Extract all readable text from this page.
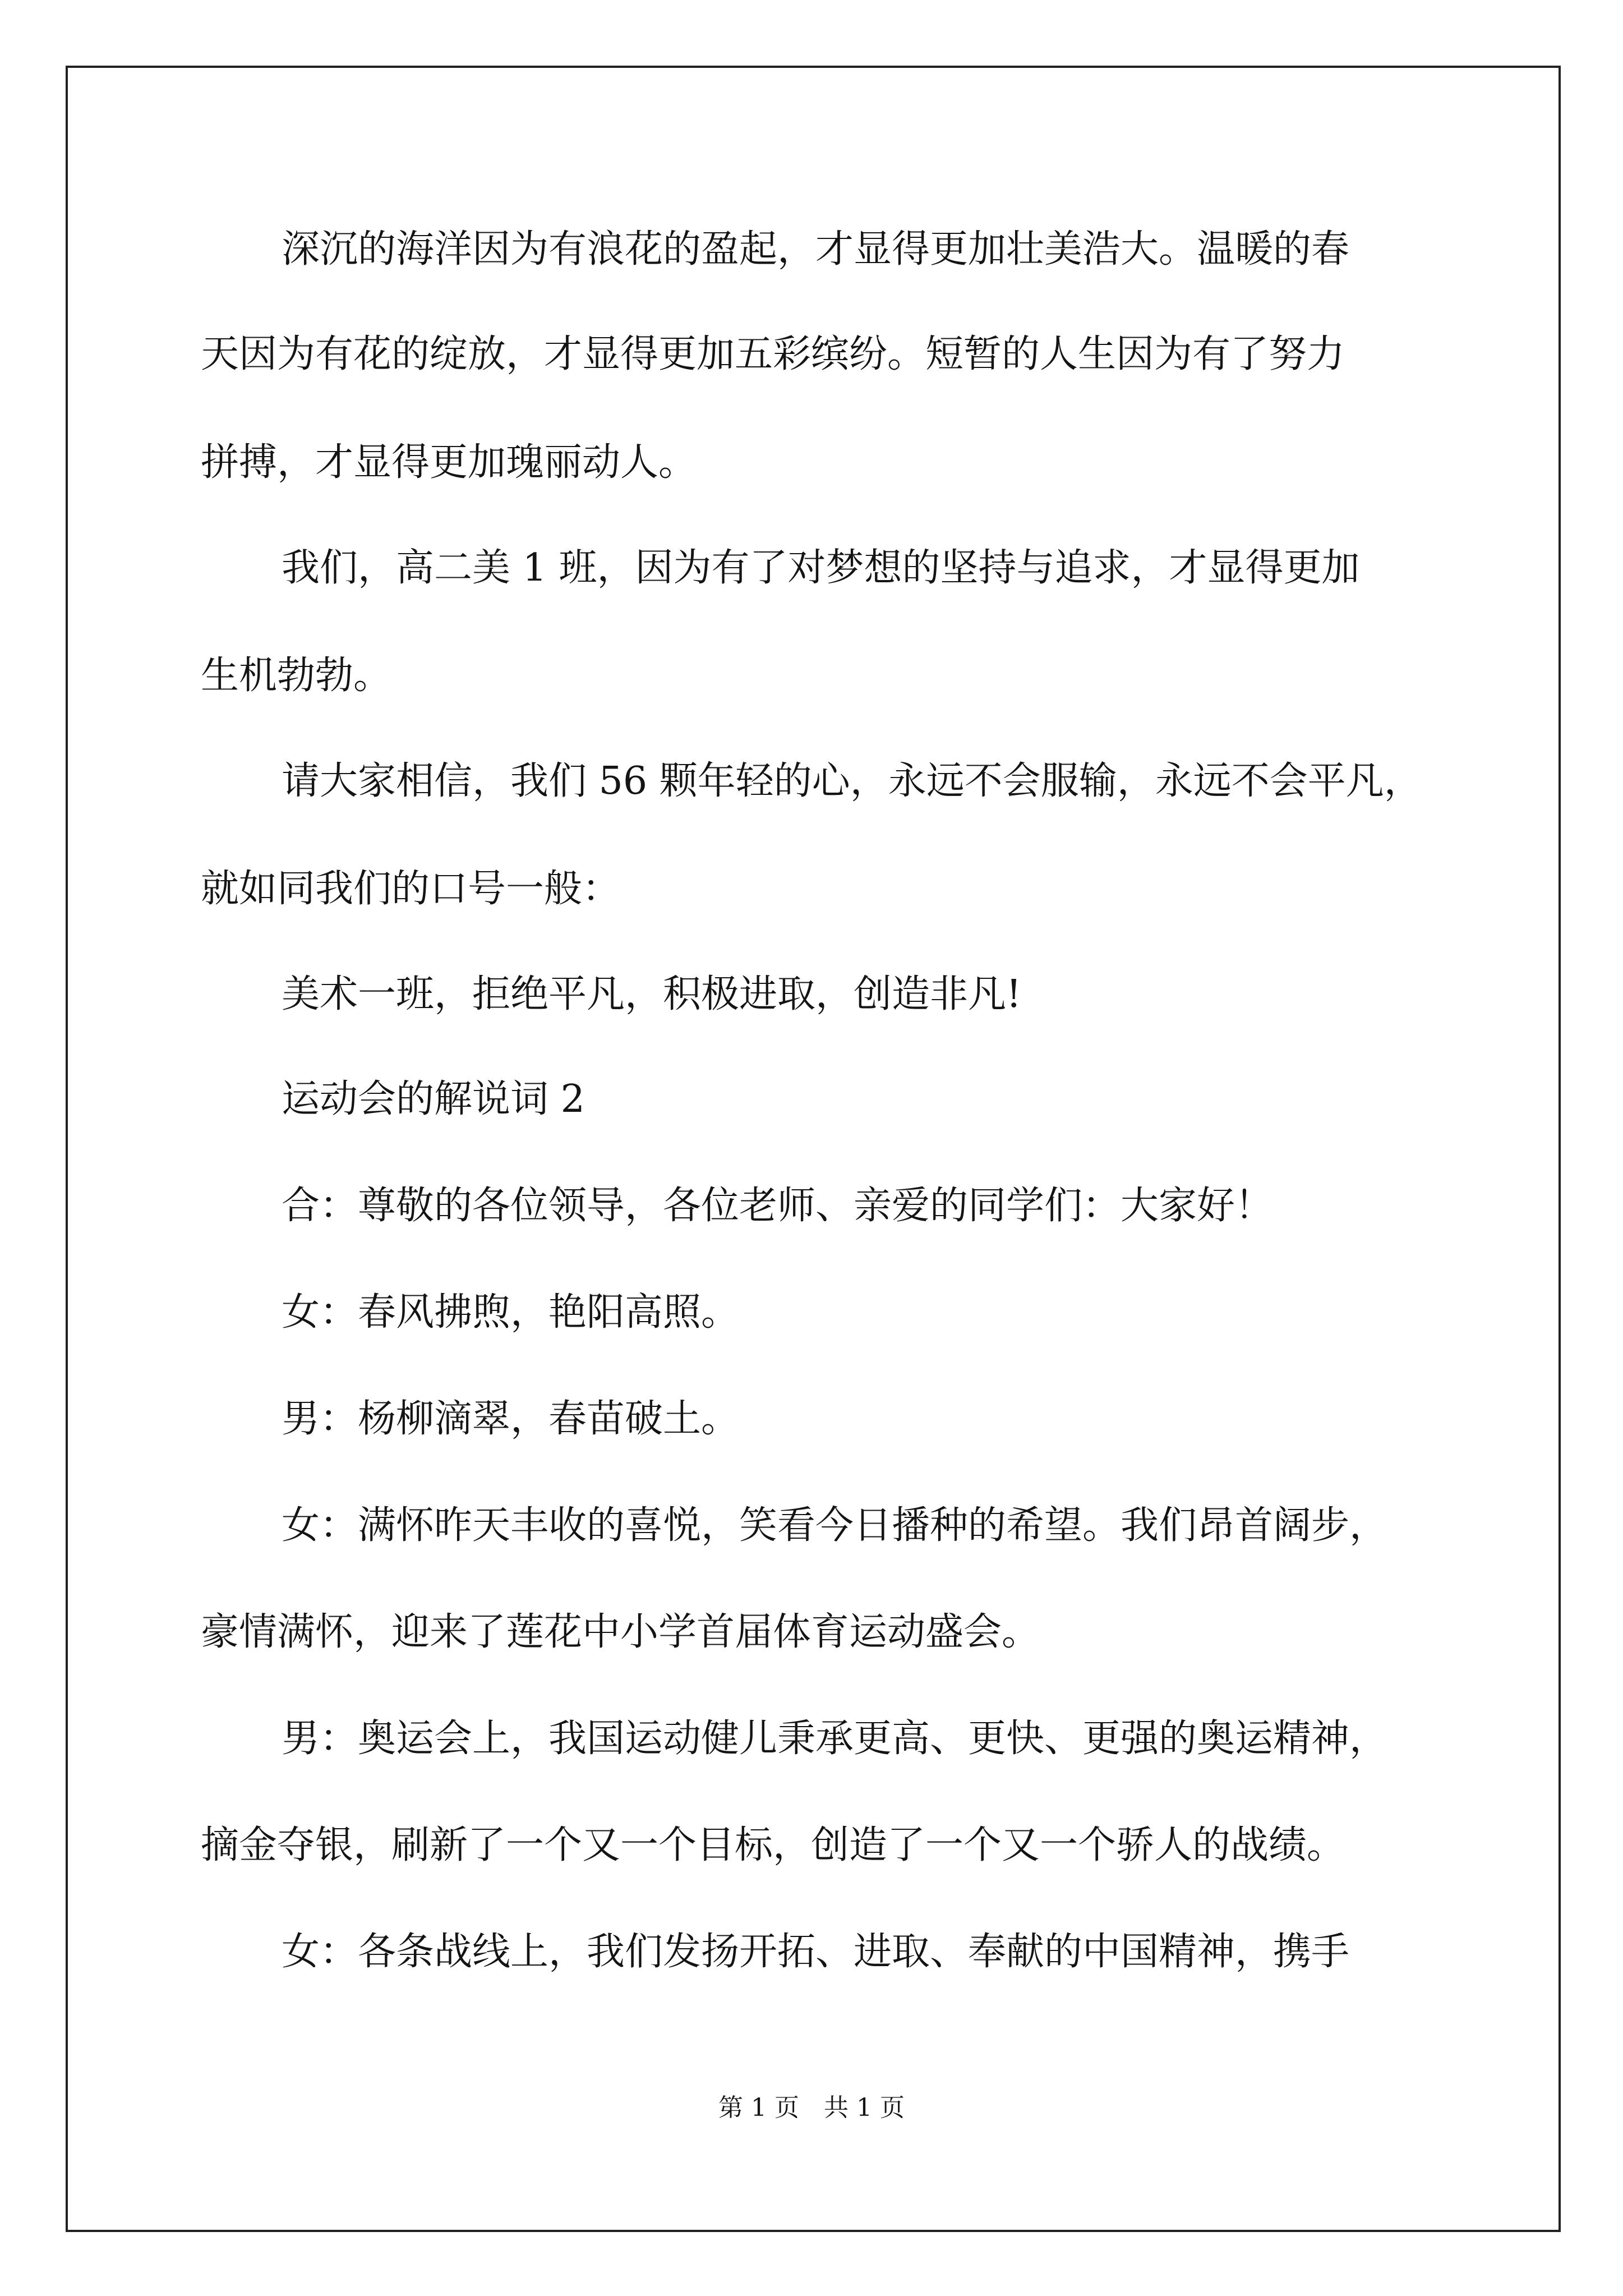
深沉的海洋因为有浪花的盈起，才显得更加壮美浩大。温暖的春

天因为有花的绽放，才显得更加五彩缤纷。短暂的人生因为有了努力

拼搏，才显得更加瑰丽动人。

我们，高二美 1 班，因为有了对梦想的坚持与追求，才显得更加

生机勃勃。

请大家相信，我们 56 颗年轻的心，永远不会服输，永远不会平凡，

就如同我们的口号一般：

美术一班，拒绝平凡，积极进取，创造非凡!

运动会的解说词 2

合：尊敬的各位领导，各位老师、亲爱的同学们：大家好！

女：春风拂煦，艳阳高照。

男：杨柳滴翠，春苗破土。

女：满怀昨天丰收的喜悦，笑看今日播种的希望。我们昂首阔步，

豪情满怀，迎来了莲花中小学首届体育运动盛会。

男：奥运会上，我国运动健儿秉承更高、更快、更强的奥运精神，

摘金夺银，刷新了一个又一个目标，创造了一个又一个骄人的战绩。

女：各条战线上，我们发扬开拓、进取、奉献的中国精神，携手

第 1 页　共 1 页
